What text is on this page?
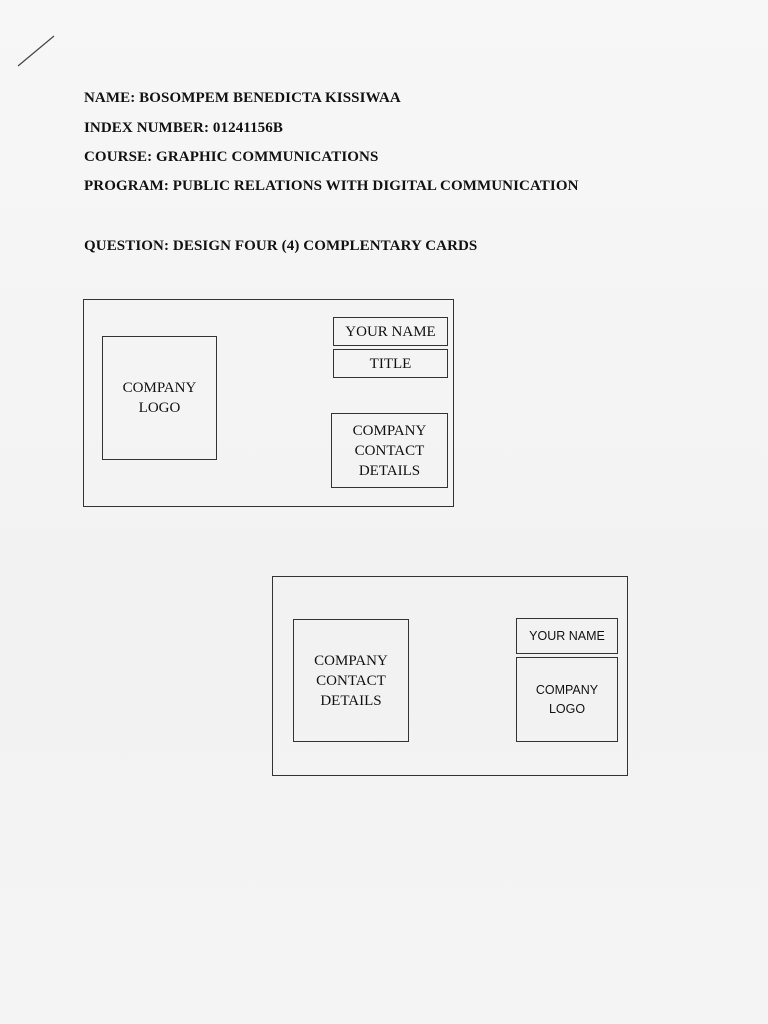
NAME: BOSOMPEM BENEDICTA KISSIWAA
INDEX NUMBER: 01241156B
COURSE: GRAPHIC COMMUNICATIONS
PROGRAM: PUBLIC RELATIONS WITH DIGITAL COMMUNICATION
QUESTION: DESIGN FOUR (4) COMPLENTARY CARDS
COMPANY
LOGO
YOUR NAME
TITLE
COMPANY
CONTACT
DETAILS
COMPANY
CONTACT
DETAILS
YOUR NAME
COMPANY
LOGO
